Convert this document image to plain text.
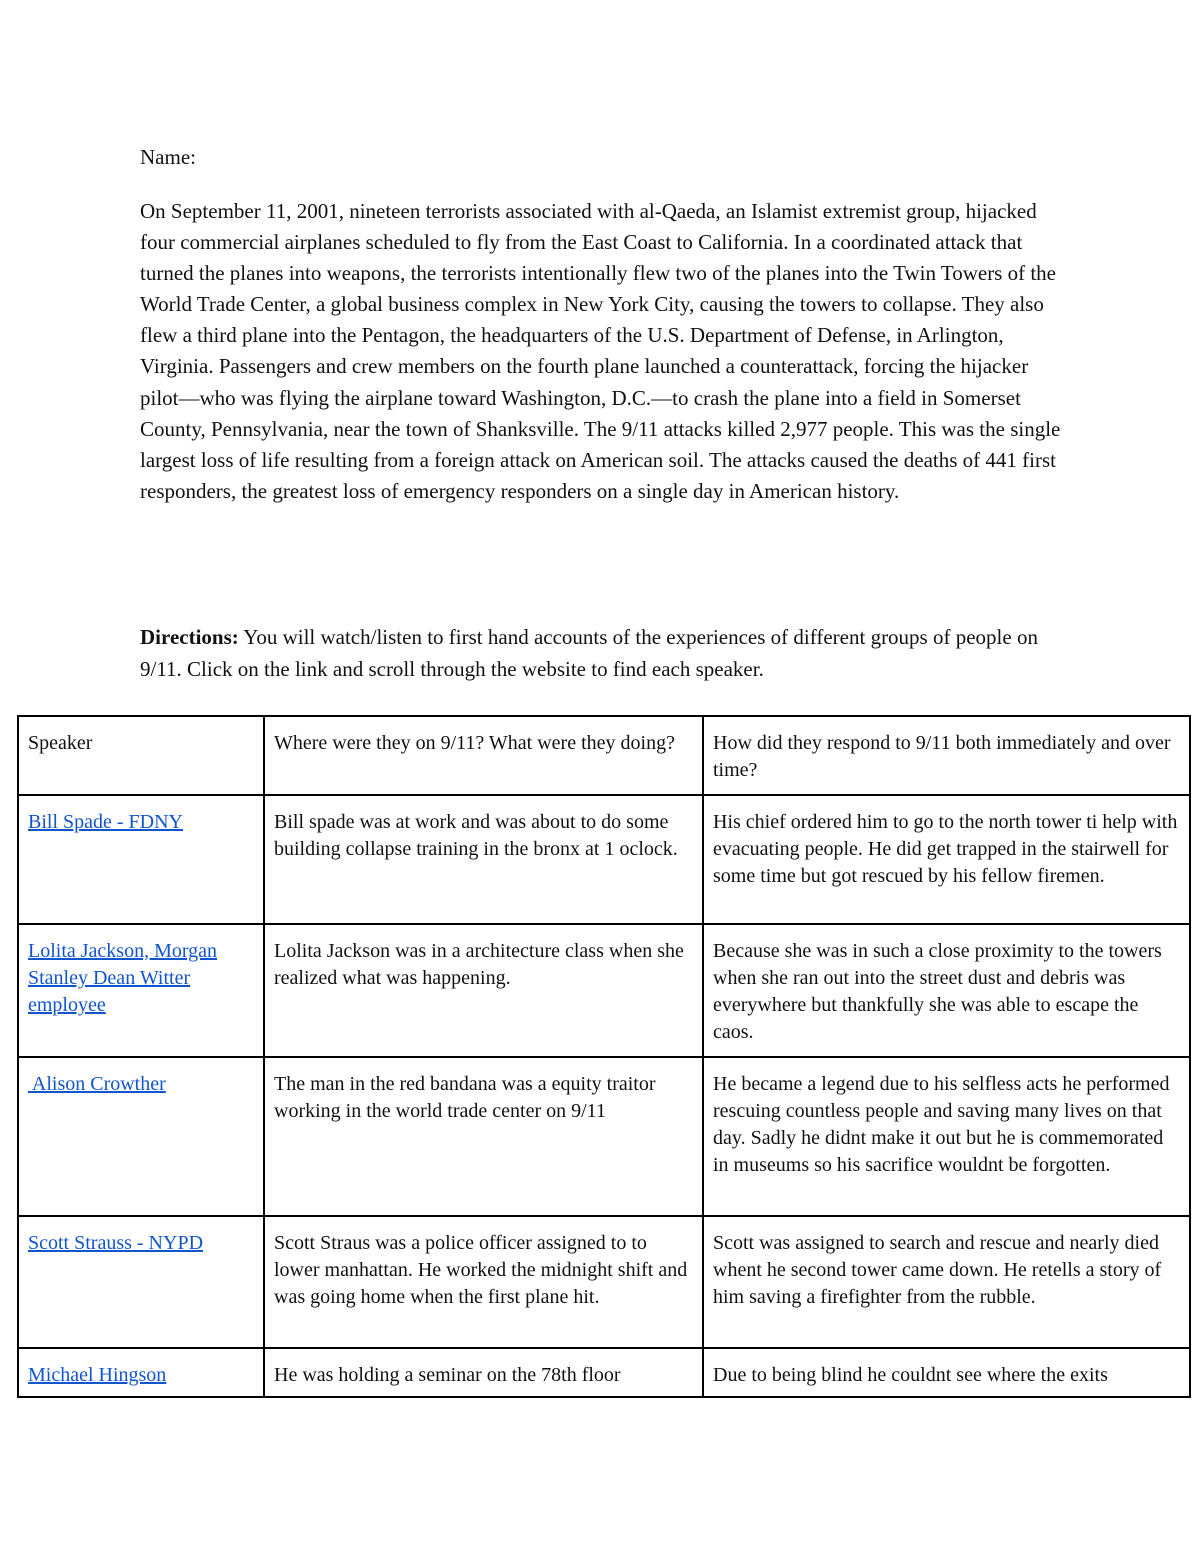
Name:

On September 11, 2001, nineteen terrorists associated with al-Qaeda, an Islamist extremist group, hijacked four commercial airplanes scheduled to fly from the East Coast to California. In a coordinated attack that turned the planes into weapons, the terrorists intentionally flew two of the planes into the Twin Towers of the World Trade Center, a global business complex in New York City, causing the towers to collapse. They also flew a third plane into the Pentagon, the headquarters of the U.S. Department of Defense, in Arlington, Virginia. Passengers and crew members on the fourth plane launched a counterattack, forcing the hijacker pilot—who was flying the airplane toward Washington, D.C.—to crash the plane into a field in Somerset County, Pennsylvania, near the town of Shanksville. The 9/11 attacks killed 2,977 people. This was the single largest loss of life resulting from a foreign attack on American soil. The attacks caused the deaths of 441 first responders, the greatest loss of emergency responders on a single day in American history.

Directions: You will watch/listen to first hand accounts of the experiences of different groups of people on 9/11. Click on the link and scroll through the website to find each speaker.

Speaker	Where were they on 9/11? What were they doing?	How did they respond to 9/11 both immediately and over time?
Bill Spade - FDNY	Bill spade was at work and was about to do some building collapse training in the bronx at 1 oclock.	His chief ordered him to go to the north tower ti help with evacuating people. He did get trapped in the stairwell for some time but got rescued by his fellow firemen.
Lolita Jackson, Morgan Stanley Dean Witter employee	Lolita Jackson was in a architecture class when she realized what was happening.	Because she was in such a close proximity to the towers when she ran out into the street dust and debris was everywhere but thankfully she was able to escape the caos.
Alison Crowther	The man in the red bandana was a equity traitor working in the world trade center on 9/11	He became a legend due to his selfless acts he performed rescuing countless people and saving many lives on that day. Sadly he didnt make it out but he is commemorated in museums so his sacrifice wouldnt be forgotten.
Scott Strauss - NYPD	Scott Straus was a police officer assigned to to lower manhattan. He worked the midnight shift and was going home when the first plane hit.	Scott was assigned to search and rescue and nearly died whent he second tower came down. He retells a story of him saving a firefighter from the rubble.
Michael Hingson	He was holding a seminar on the 78th floor	Due to being blind he couldnt see where the exits
